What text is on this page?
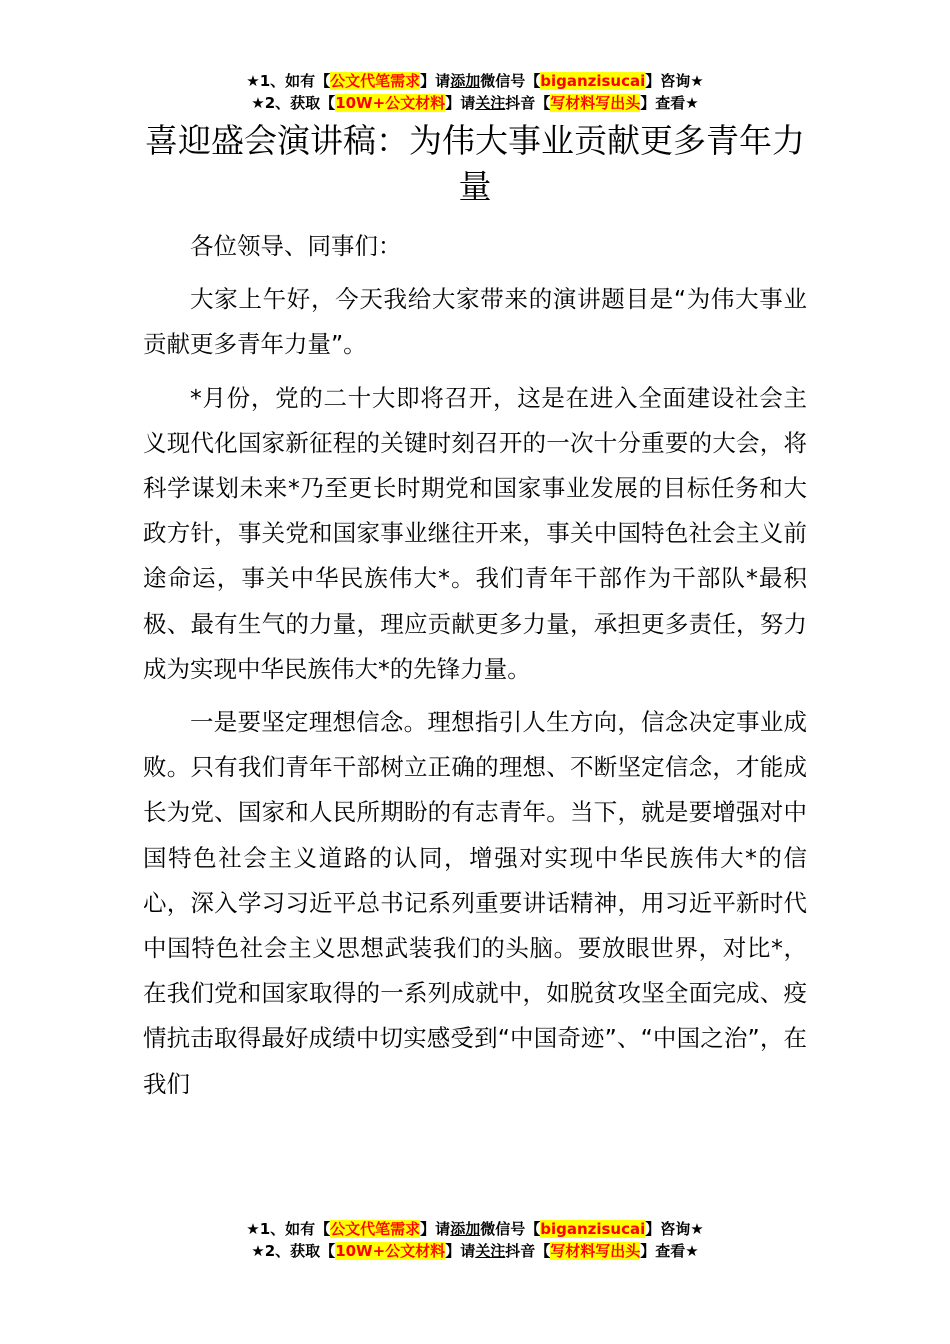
★1、如有【公文代笔需求】请添加微信号【biganzisucai】咨询★
★2、获取【10W+公文材料】请关注抖音【写材料写出头】查看★
喜迎盛会演讲稿：为伟大事业贡献更多青年力量

各位领导、同事们：

大家上午好，今天我给大家带来的演讲题目是“为伟大事业贡献更多青年力量”。

*月份，党的二十大即将召开，这是在进入全面建设社会主义现代化国家新征程的关键时刻召开的一次十分重要的大会，将科学谋划未来*乃至更长时期党和国家事业发展的目标任务和大政方针，事关党和国家事业继往开来，事关中国特色社会主义前途命运，事关中华民族伟大*。我们青年干部作为干部队*最积极、最有生气的力量，理应贡献更多力量，承担更多责任，努力成为实现中华民族伟大*的先锋力量。

一是要坚定理想信念。理想指引人生方向，信念决定事业成败。只有我们青年干部树立正确的理想、不断坚定信念，才能成长为党、国家和人民所期盼的有志青年。当下，就是要增强对中国特色社会主义道路的认同，增强对实现中华民族伟大*的信心，深入学习习近平总书记系列重要讲话精神，用习近平新时代中国特色社会主义思想武装我们的头脑。要放眼世界，对比*，在我们党和国家取得的一系列成就中，如脱贫攻坚全面完成、疫情抗击取得最好成绩中切实感受到“中国奇迹”、“中国之治”，在我们

★1、如有【公文代笔需求】请添加微信号【biganzisucai】咨询★
★2、获取【10W+公文材料】请关注抖音【写材料写出头】查看★
